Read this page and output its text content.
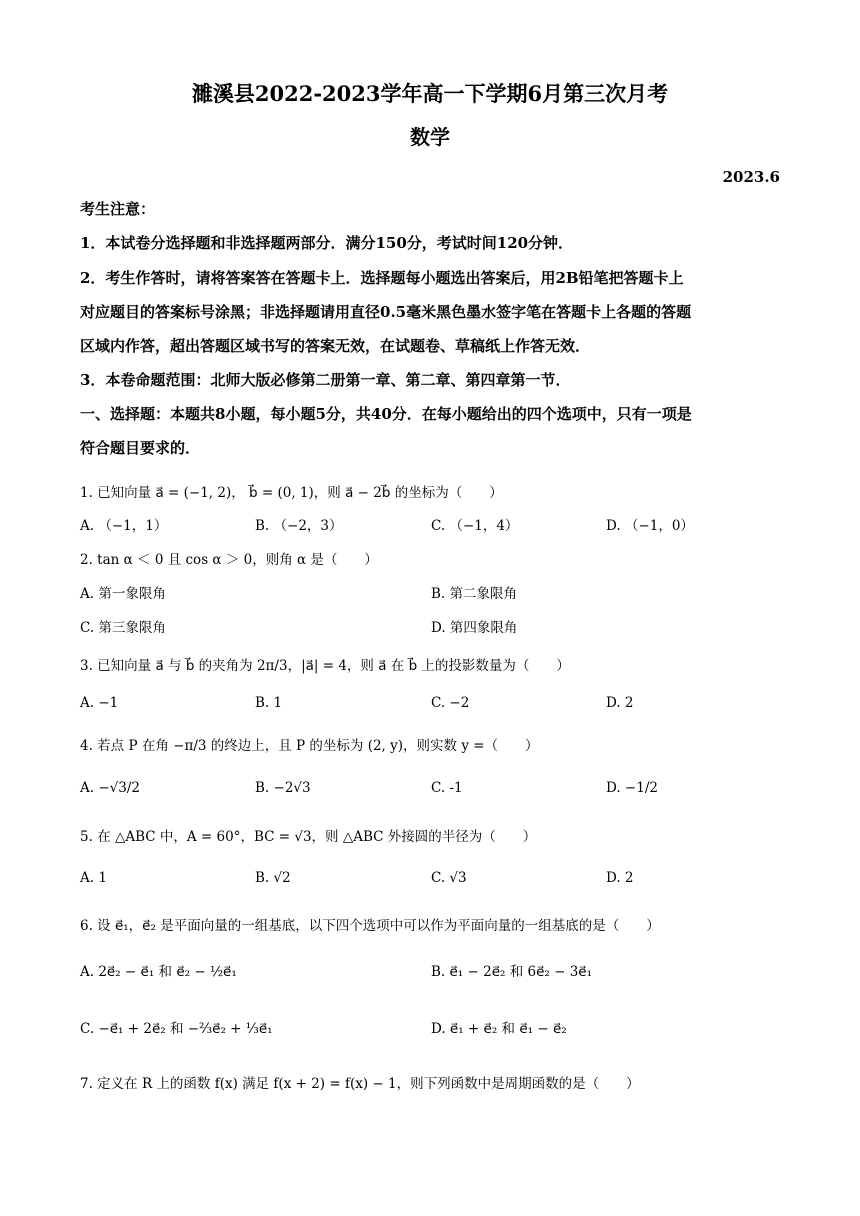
濉溪县2022-2023学年高一下学期6月第三次月考
数学
2023.6
考生注意：
1．本试卷分选择题和非选择题两部分．满分150分，考试时间120分钟．
2．考生作答时，请将答案答在答题卡上．选择题每小题选出答案后，用2B铅笔把答题卡上
对应题目的答案标号涂黑；非选择题请用直径0.5毫米黑色墨水签字笔在答题卡上各题的答题
区域内作答，超出答题区域书写的答案无效，在试题卷、草稿纸上作答无效．
3．本卷命题范围：北师大版必修第二册第一章、第二章、第四章第一节．
一、选择题：本题共8小题，每小题5分，共40分．在每小题给出的四个选项中，只有一项是
符合题目要求的．
1. 已知向量 a⃗ = (−1, 2)， b⃗ = (0, 1)，则 a⃗ − 2b⃗ 的坐标为（　　）
A. （−1，1）	B. （−2，3）	C. （−1，4）	D. （−1，0）
2. tan α ＜ 0 且 cos α ＞ 0，则角 α 是（　　）
A. 第一象限角	B. 第二象限角
C. 第三象限角	D. 第四象限角
3. 已知向量 a⃗ 与 b⃗ 的夹角为 2π/3，|a⃗| = 4，则 a⃗ 在 b⃗ 上的投影数量为（　　）
A. −1	B. 1	C. −2	D. 2
4. 若点 P 在角 −π/3 的终边上，且 P 的坐标为 (2, y)，则实数 y =（　　）
A. −√3/2	B. −2√3	C. -1	D. −1/2
5. 在 △ABC 中，A = 60°，BC = √3，则 △ABC 外接圆的半径为（　　）
A. 1	B. √2	C. √3	D. 2
6. 设 e⃗₁，e⃗₂ 是平面向量的一组基底，以下四个选项中可以作为平面向量的一组基底的是（　　）
A. 2e⃗₂ − e⃗₁ 和 e⃗₂ − ½e⃗₁	B. e⃗₁ − 2e⃗₂ 和 6e⃗₂ − 3e⃗₁
C. −e⃗₁ + 2e⃗₂ 和 −⅔e⃗₂ + ⅓e⃗₁	D. e⃗₁ + e⃗₂ 和 e⃗₁ − e⃗₂
7. 定义在 R 上的函数 f(x) 满足 f(x + 2) = f(x) − 1，则下列函数中是周期函数的是（　　）
